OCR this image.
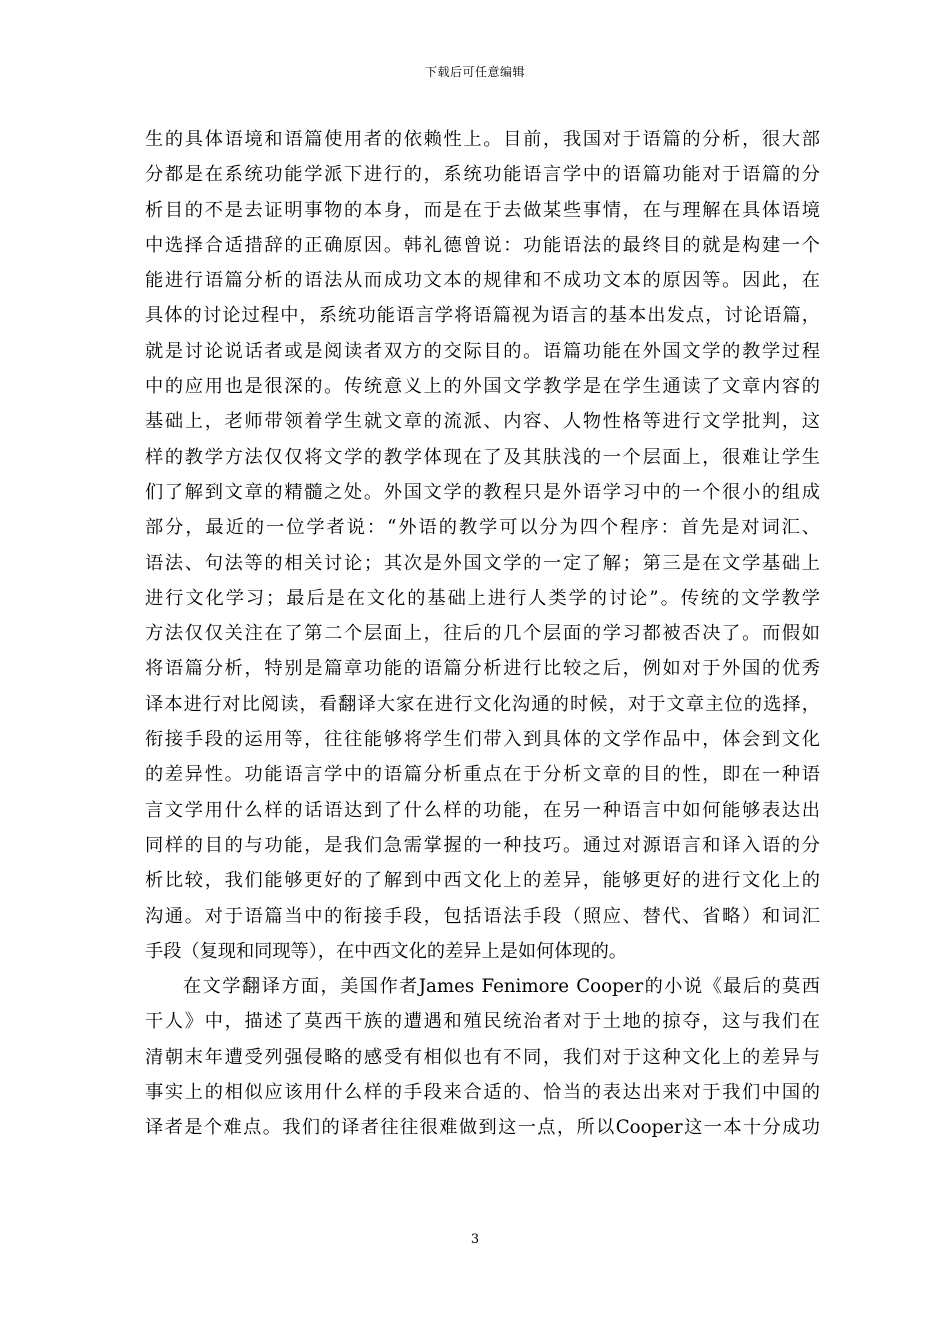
下载后可任意编辑
生的具体语境和语篇使用者的依赖性上。目前，我国对于语篇的分析，很大部
分都是在系统功能学派下进行的，系统功能语言学中的语篇功能对于语篇的分
析目的不是去证明事物的本身，而是在于去做某些事情，在与理解在具体语境
中选择合适措辞的正确原因。韩礼德曾说：功能语法的最终目的就是构建一个
能进行语篇分析的语法从而成功文本的规律和不成功文本的原因等。因此，在
具体的讨论过程中，系统功能语言学将语篇视为语言的基本出发点，讨论语篇，
就是讨论说话者或是阅读者双方的交际目的。语篇功能在外国文学的教学过程
中的应用也是很深的。传统意义上的外国文学教学是在学生通读了文章内容的
基础上，老师带领着学生就文章的流派、内容、人物性格等进行文学批判，这
样的教学方法仅仅将文学的教学体现在了及其肤浅的一个层面上，很难让学生
们了解到文章的精髓之处。外国文学的教程只是外语学习中的一个很小的组成
部分，最近的一位学者说：“外语的教学可以分为四个程序：首先是对词汇、
语法、句法等的相关讨论；其次是外国文学的一定了解；第三是在文学基础上
进行文化学习；最后是在文化的基础上进行人类学的讨论”。传统的文学教学
方法仅仅关注在了第二个层面上，往后的几个层面的学习都被否决了。而假如
将语篇分析，特别是篇章功能的语篇分析进行比较之后，例如对于外国的优秀
译本进行对比阅读，看翻译大家在进行文化沟通的时候，对于文章主位的选择，
衔接手段的运用等，往往能够将学生们带入到具体的文学作品中，体会到文化
的差异性。功能语言学中的语篇分析重点在于分析文章的目的性，即在一种语
言文学用什么样的话语达到了什么样的功能，在另一种语言中如何能够表达出
同样的目的与功能，是我们急需掌握的一种技巧。通过对源语言和译入语的分
析比较，我们能够更好的了解到中西文化上的差异，能够更好的进行文化上的
沟通。对于语篇当中的衔接手段，包括语法手段（照应、替代、省略）和词汇
手段（复现和同现等），在中西文化的差异上是如何体现的。
在文学翻译方面，美国作者James Fenimore Cooper的小说《最后的莫西
干人》中，描述了莫西干族的遭遇和殖民统治者对于土地的掠夺，这与我们在
清朝末年遭受列强侵略的感受有相似也有不同，我们对于这种文化上的差异与
事实上的相似应该用什么样的手段来合适的、恰当的表达出来对于我们中国的
译者是个难点。我们的译者往往很难做到这一点，所以Cooper这一本十分成功
3
